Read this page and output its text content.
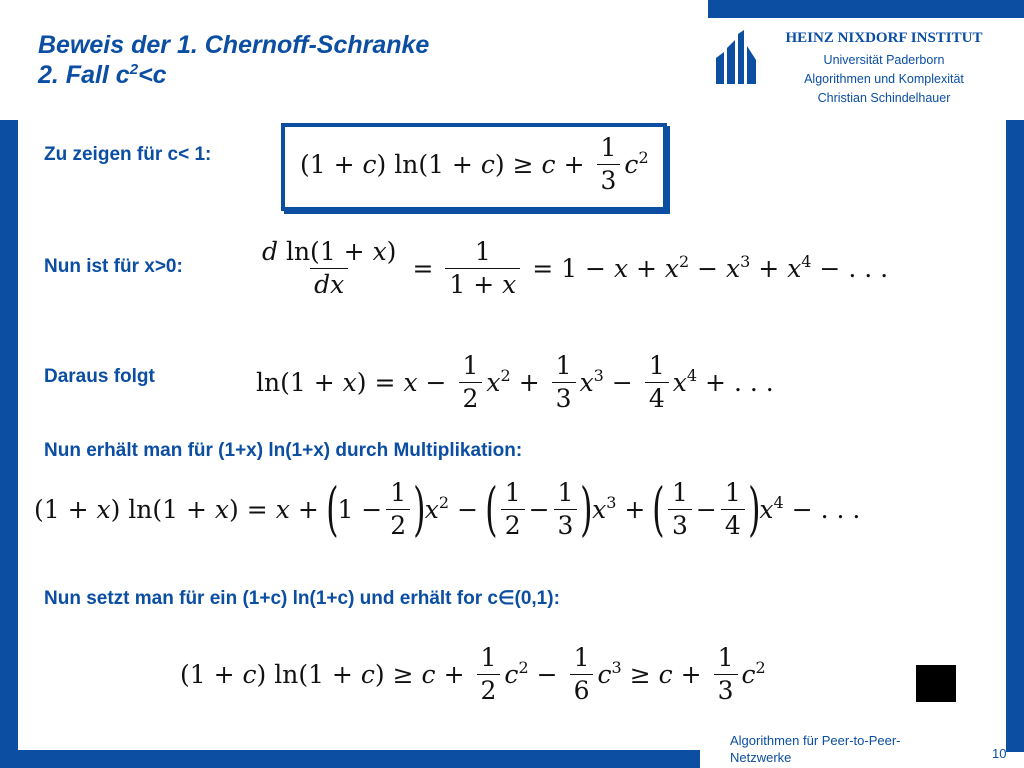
Beweis der 1. Chernoff-Schranke
2. Fall $c^2<c$
HEINZ NIXDORF INSTITUT
Universität Paderborn
Algorithmen und Komplexität
Christian Schindelhauer
Zu zeigen für c< 1:	(1 + c) $\ln(1 + c) \ge c + \frac{1}{3} c^2$
Nun ist für x>0:	$\frac{\text{d ln(1 + x)}}{dx} = \frac{1}{1 + x} = 1 - x + x^2 - x^3 + x^4$ − . . .
Daraus folgt	$\ln(1 + x) = x - \frac{1}{2} x^2 + \frac{1}{3} x^3 - \frac{1}{4} x^4$ + . . .
Nun erhält man für (1+x) ln(1+x) durch Multiplikation:
(1 + x) ln(1 + x) = x + ( $1 - \frac{1}{2}$ ) $x^2$ − ( $\frac{1}{2} - \frac{1}{3}$ ) $x^3$ + ( $\frac{1}{3} - \frac{1}{4}$ ) $x^4$ − . . .
Nun setzt man für ein (1+c) ln(1+c) und erhält for c∈(0,1):
(1 + c) $\ln(1 + c) \ge c + \frac{1}{2} c^2 - \frac{1}{6} c^3 \ge c + \frac{1}{3} c^2$
Algorithmen für Peer-to-Peer-Netzwerke	10
